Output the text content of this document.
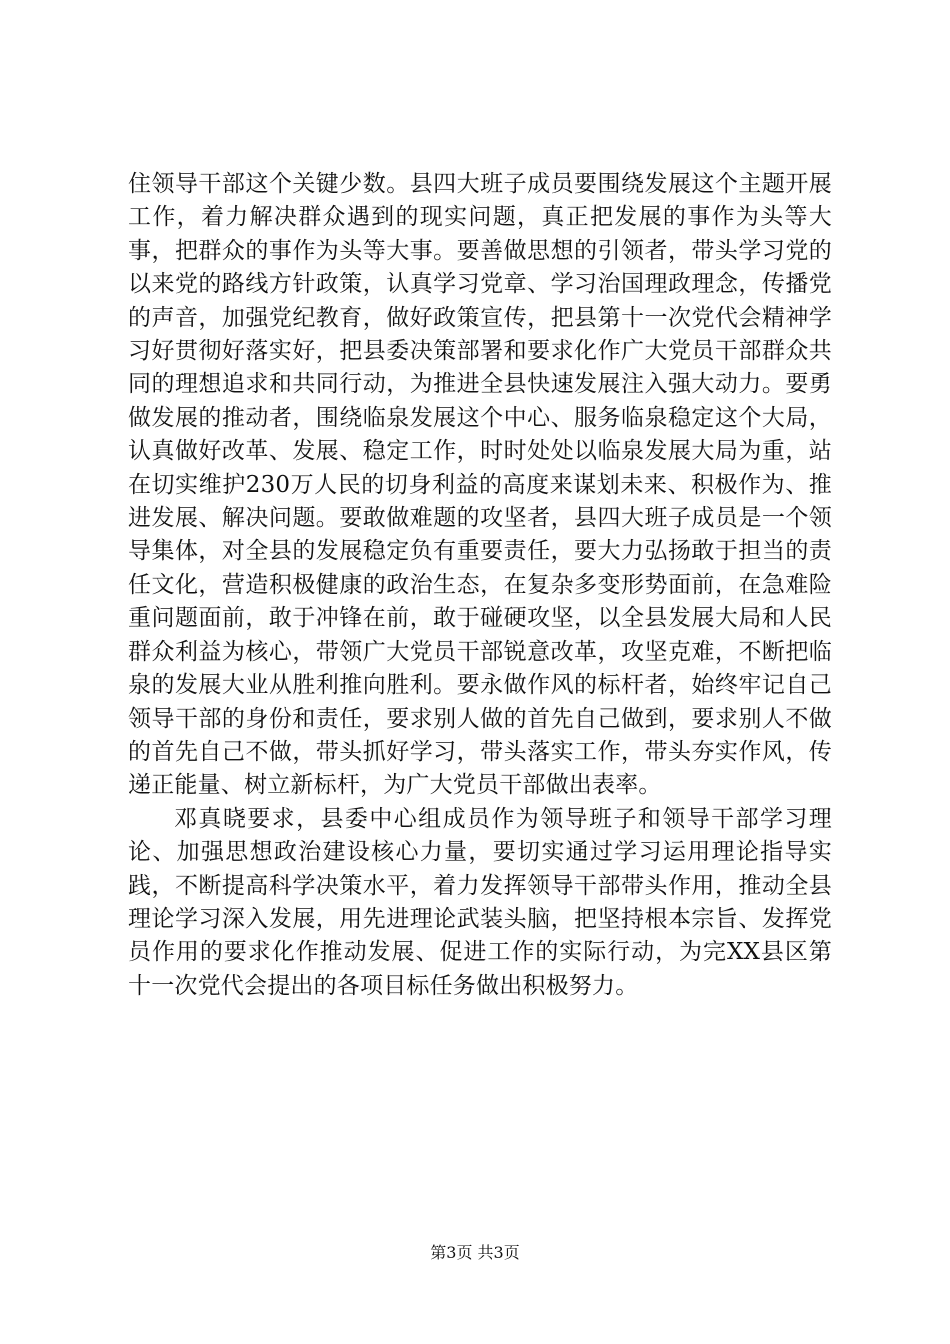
住领导干部这个关键少数。县四大班子成员要围绕发展这个主题开展工作，着力解决群众遇到的现实问题，真正把发展的事作为头等大事，把群众的事作为头等大事。要善做思想的引领者，带头学习党的以来党的路线方针政策，认真学习党章、学习治国理政理念，传播党的声音，加强党纪教育，做好政策宣传，把县第十一次党代会精神学习好贯彻好落实好，把县委决策部署和要求化作广大党员干部群众共同的理想追求和共同行动，为推进全县快速发展注入强大动力。要勇做发展的推动者，围绕临泉发展这个中心、服务临泉稳定这个大局，认真做好改革、发展、稳定工作，时时处处以临泉发展大局为重，站在切实维护230万人民的切身利益的高度来谋划未来、积极作为、推进发展、解决问题。要敢做难题的攻坚者，县四大班子成员是一个领导集体，对全县的发展稳定负有重要责任，要大力弘扬敢于担当的责任文化，营造积极健康的政治生态，在复杂多变形势面前，在急难险重问题面前，敢于冲锋在前，敢于碰硬攻坚，以全县发展大局和人民群众利益为核心，带领广大党员干部锐意改革，攻坚克难，不断把临泉的发展大业从胜利推向胜利。要永做作风的标杆者，始终牢记自己领导干部的身份和责任，要求别人做的首先自己做到，要求别人不做的首先自己不做，带头抓好学习，带头落实工作，带头夯实作风，传递正能量、树立新标杆，为广大党员干部做出表率。

邓真晓要求，县委中心组成员作为领导班子和领导干部学习理论、加强思想政治建设核心力量，要切实通过学习运用理论指导实践，不断提高科学决策水平，着力发挥领导干部带头作用，推动全县理论学习深入发展，用先进理论武装头脑，把坚持根本宗旨、发挥党员作用的要求化作推动发展、促进工作的实际行动，为完XX县区第十一次党代会提出的各项目标任务做出积极努力。

第3页 共3页
